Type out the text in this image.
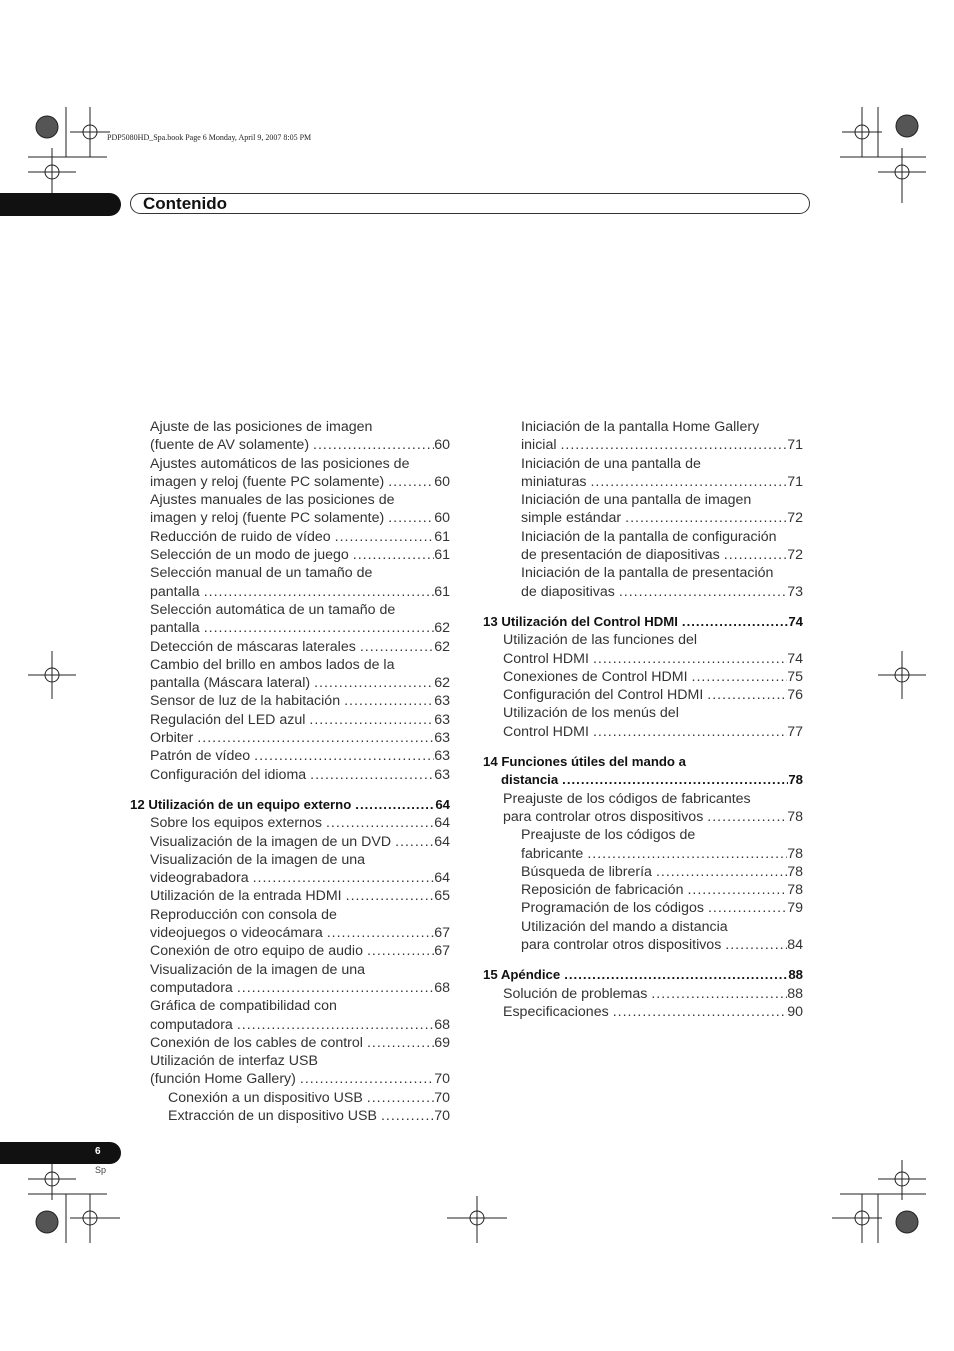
PDP5080HD_Spa.book Page 6 Monday, April 9, 2007 8:05 PM
Contenido
Ajuste de las posiciones de imagen
(fuente de AV solamente) .....	60
Ajustes automáticos de las posiciones de
imagen y reloj (fuente PC solamente) .....	60
Ajustes manuales de las posiciones de
imagen y reloj (fuente PC solamente) .....	60
Reducción de ruido de vídeo .....	61
Selección de un modo de juego .....	61
Selección manual de un tamaño de
pantalla .....	61
Selección automática de un tamaño de
pantalla .....	62
Detección de máscaras laterales .....	62
Cambio del brillo en ambos lados de la
pantalla (Máscara lateral) .....	62
Sensor de luz de la habitación .....	63
Regulación del LED azul .....	63
Orbiter .....	63
Patrón de vídeo .....	63
Configuración del idioma .....	63
12 Utilización de un equipo externo .....	64
Sobre los equipos externos .....	64
Visualización de la imagen de un DVD .....	64
Visualización de la imagen de una
videograbadora .....	64
Utilización de la entrada HDMI .....	65
Reproducción con consola de
videojuegos o videocámara .....	67
Conexión de otro equipo de audio .....	67
Visualización de la imagen de una
computadora .....	68
Gráfica de compatibilidad con
computadora .....	68
Conexión de los cables de control .....	69
Utilización de interfaz USB
(función Home Gallery) .....	70
Conexión a un dispositivo USB .....	70
Extracción de un dispositivo USB .....	70
Iniciación de la pantalla Home Gallery
inicial .....	71
Iniciación de una pantalla de
miniaturas .....	71
Iniciación de una pantalla de imagen
simple estándar .....	72
Iniciación de la pantalla de configuración
de presentación de diapositivas .....	72
Iniciación de la pantalla de presentación
de diapositivas .....	73
13 Utilización del Control HDMI .....	74
Utilización de las funciones del
Control HDMI .....	74
Conexiones de Control HDMI .....	75
Configuración del Control HDMI .....	76
Utilización de los menús del
Control HDMI .....	77
14 Funciones útiles del mando a
distancia .....	78
Preajuste de los códigos de fabricantes
para controlar otros dispositivos .....	78
Preajuste de los códigos de
fabricante .....	78
Búsqueda de librería .....	78
Reposición de fabricación .....	78
Programación de los códigos .....	79
Utilización del mando a distancia
para controlar otros dispositivos .....	84
15 Apéndice .....	88
Solución de problemas .....	88
Especificaciones .....	90
6
Sp
